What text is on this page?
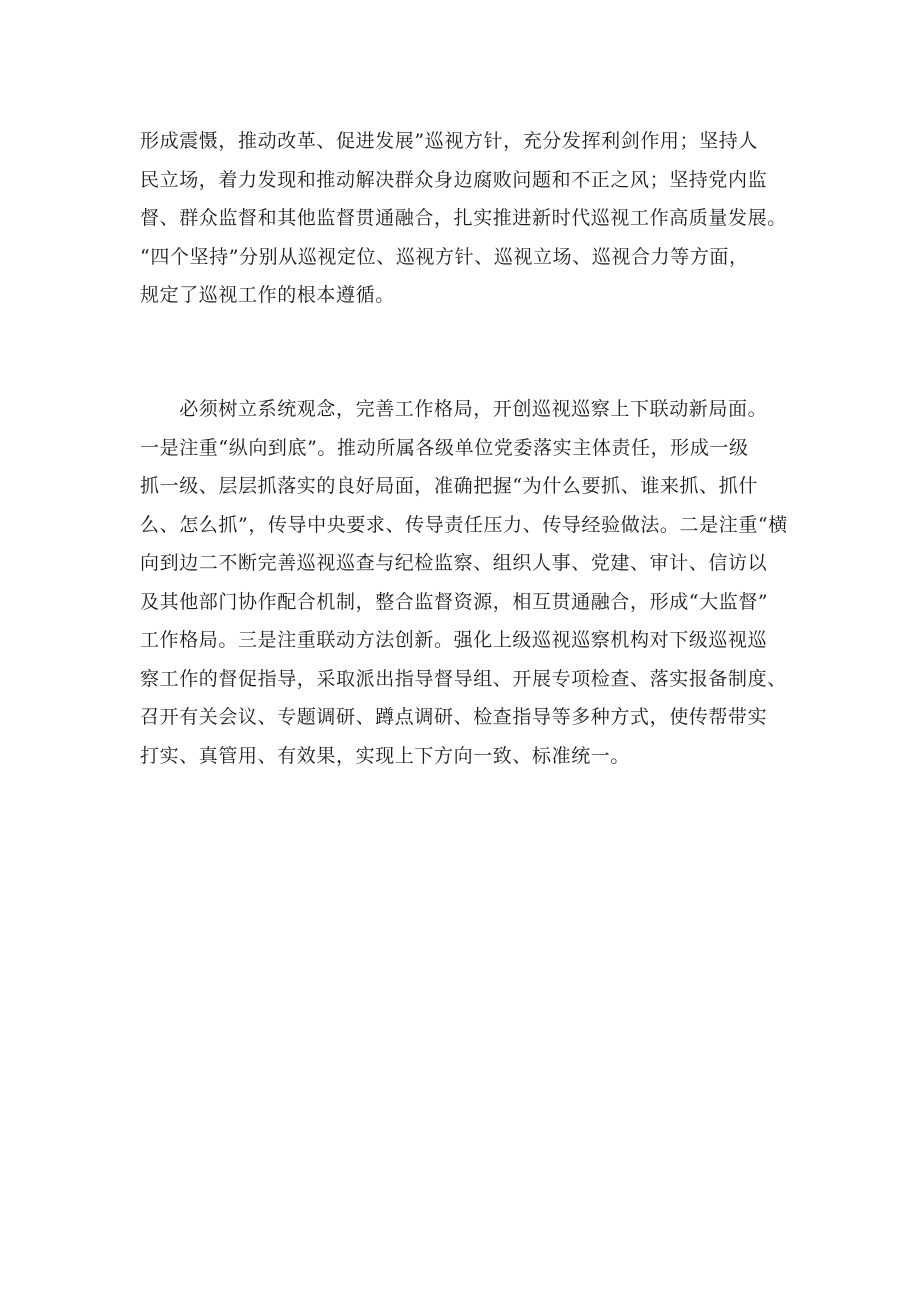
形成震慑，推动改革、促进发展”巡视方针，充分发挥利剑作用；坚持人
民立场，着力发现和推动解决群众身边腐败问题和不正之风；坚持党内监
督、群众监督和其他监督贯通融合，扎实推进新时代巡视工作高质量发展。
“四个坚持”分别从巡视定位、巡视方针、巡视立场、巡视合力等方面，
规定了巡视工作的根本遵循。
　　必须树立系统观念，完善工作格局，开创巡视巡察上下联动新局面。
一是注重“纵向到底”。推动所属各级单位党委落实主体责任，形成一级
抓一级、层层抓落实的良好局面，准确把握“为什么要抓、谁来抓、抓什
么、怎么抓”，传导中央要求、传导责任压力、传导经验做法。二是注重“横
向到边二不断完善巡视巡查与纪检监察、组织人事、党建、审计、信访以
及其他部门协作配合机制，整合监督资源，相互贯通融合，形成“大监督”
工作格局。三是注重联动方法创新。强化上级巡视巡察机构对下级巡视巡
察工作的督促指导，采取派出指导督导组、开展专项检查、落实报备制度、
召开有关会议、专题调研、蹲点调研、检查指导等多种方式，使传帮带实
打实、真管用、有效果，实现上下方向一致、标准统一。
